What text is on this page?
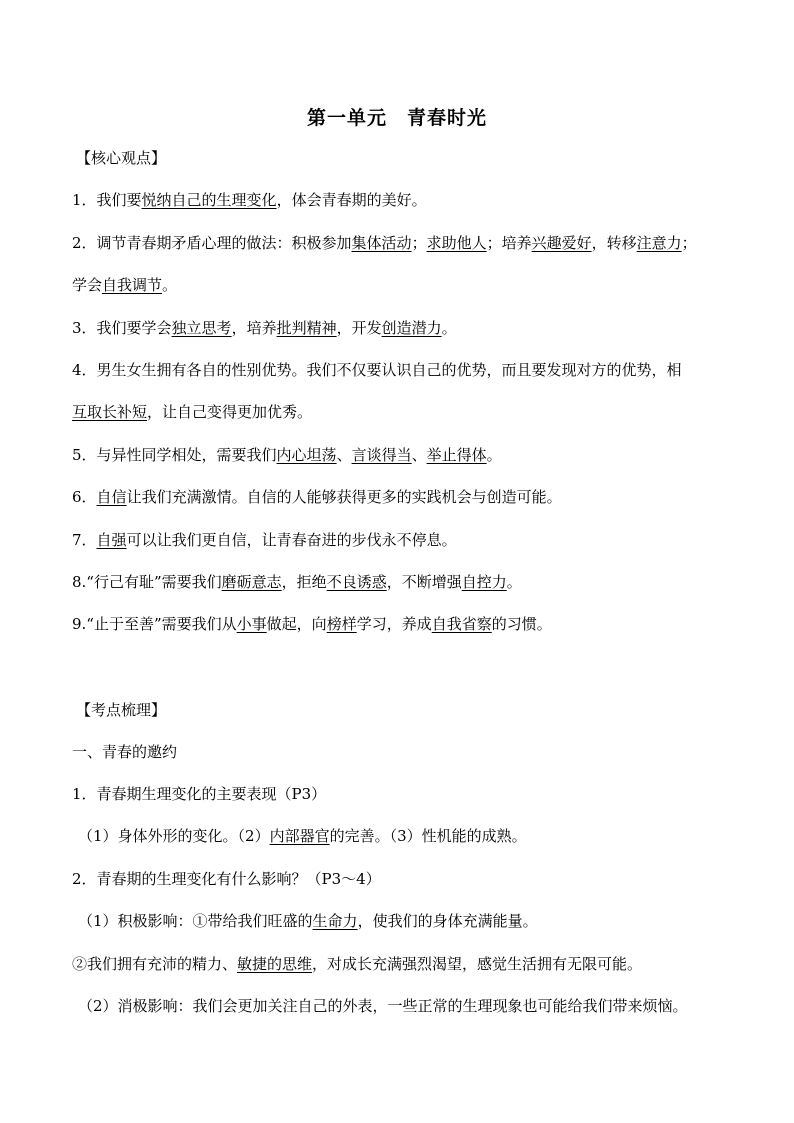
第一单元　青春时光
【核心观点】
1．我们要悦纳自己的生理变化，体会青春期的美好。
2．调节青春期矛盾心理的做法：积极参加集体活动；求助他人；培养兴趣爱好，转移注意力；
学会自我调节。
3．我们要学会独立思考，培养批判精神，开发创造潜力。
4．男生女生拥有各自的性别优势。我们不仅要认识自己的优势，而且要发现对方的优势，相
互取长补短，让自己变得更加优秀。
5．与异性同学相处，需要我们内心坦荡、言谈得当、举止得体。
6．自信让我们充满激情。自信的人能够获得更多的实践机会与创造可能。
7．自强可以让我们更自信，让青春奋进的步伐永不停息。
8.“行己有耻”需要我们磨砺意志，拒绝不良诱惑，不断增强自控力。
9.“止于至善”需要我们从小事做起，向榜样学习，养成自我省察的习惯。
【考点梳理】
一、青春的邀约
1．青春期生理变化的主要表现（P3）
（1）身体外形的变化。（2）内部器官的完善。（3）性机能的成熟。
2．青春期的生理变化有什么影响？（P3～4）
（1）积极影响：①带给我们旺盛的生命力，使我们的身体充满能量。
②我们拥有充沛的精力、敏捷的思维，对成长充满强烈渴望，感觉生活拥有无限可能。
（2）消极影响：我们会更加关注自己的外表，一些正常的生理现象也可能给我们带来烦恼。
